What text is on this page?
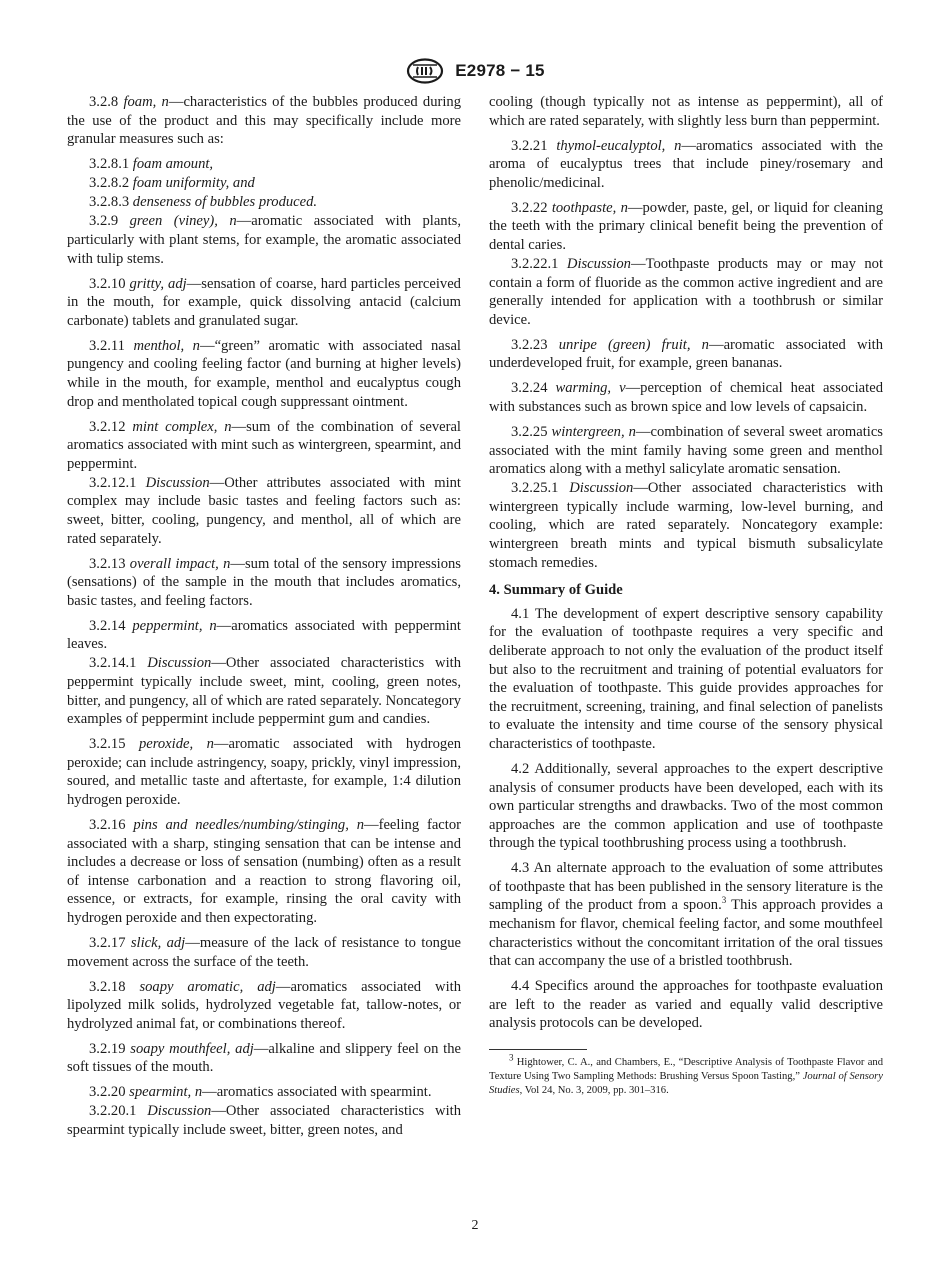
E2978 − 15

3.2.8 foam, n—characteristics of the bubbles produced during the use of the product and this may specifically include more granular measures such as:

3.2.8.1 foam amount,

3.2.8.2 foam uniformity, and

3.2.8.3 denseness of bubbles produced.

3.2.9 green (viney), n—aromatic associated with plants, particularly with plant stems, for example, the aromatic associated with tulip stems.

3.2.10 gritty, adj—sensation of coarse, hard particles perceived in the mouth, for example, quick dissolving antacid (calcium carbonate) tablets and granulated sugar.

3.2.11 menthol, n—“green” aromatic with associated nasal pungency and cooling feeling factor (and burning at higher levels) while in the mouth, for example, menthol and eucalyptus cough drop and mentholated topical cough suppressant ointment.

3.2.12 mint complex, n—sum of the combination of several aromatics associated with mint such as wintergreen, spearmint, and peppermint.

3.2.12.1 Discussion—Other attributes associated with mint complex may include basic tastes and feeling factors such as: sweet, bitter, cooling, pungency, and menthol, all of which are rated separately.

3.2.13 overall impact, n—sum total of the sensory impressions (sensations) of the sample in the mouth that includes aromatics, basic tastes, and feeling factors.

3.2.14 peppermint, n—aromatics associated with peppermint leaves.

3.2.14.1 Discussion—Other associated characteristics with peppermint typically include sweet, mint, cooling, green notes, bitter, and pungency, all of which are rated separately. Noncategory examples of peppermint include peppermint gum and candies.

3.2.15 peroxide, n—aromatic associated with hydrogen peroxide; can include astringency, soapy, prickly, vinyl impression, soured, and metallic taste and aftertaste, for example, 1:4 dilution hydrogen peroxide.

3.2.16 pins and needles/numbing/stinging, n—feeling factor associated with a sharp, stinging sensation that can be intense and includes a decrease or loss of sensation (numbing) often as a result of intense carbonation and a reaction to strong flavoring oil, essence, or extracts, for example, rinsing the oral cavity with hydrogen peroxide and then expectorating.

3.2.17 slick, adj—measure of the lack of resistance to tongue movement across the surface of the teeth.

3.2.18 soapy aromatic, adj—aromatics associated with lipolyzed milk solids, hydrolyzed vegetable fat, tallow-notes, or hydrolyzed animal fat, or combinations thereof.

3.2.19 soapy mouthfeel, adj—alkaline and slippery feel on the soft tissues of the mouth.

3.2.20 spearmint, n—aromatics associated with spearmint.

3.2.20.1 Discussion—Other associated characteristics with spearmint typically include sweet, bitter, green notes, and

cooling (though typically not as intense as peppermint), all of which are rated separately, with slightly less burn than peppermint.

3.2.21 thymol-eucalyptol, n—aromatics associated with the aroma of eucalyptus trees that include piney/rosemary and phenolic/medicinal.

3.2.22 toothpaste, n—powder, paste, gel, or liquid for cleaning the teeth with the primary clinical benefit being the prevention of dental caries.

3.2.22.1 Discussion—Toothpaste products may or may not contain a form of fluoride as the common active ingredient and are generally intended for application with a toothbrush or similar device.

3.2.23 unripe (green) fruit, n—aromatic associated with underdeveloped fruit, for example, green bananas.

3.2.24 warming, v—perception of chemical heat associated with substances such as brown spice and low levels of capsaicin.

3.2.25 wintergreen, n—combination of several sweet aromatics associated with the mint family having some green and menthol aromatics along with a methyl salicylate aromatic sensation.

3.2.25.1 Discussion—Other associated characteristics with wintergreen typically include warming, low-level burning, and cooling, which are rated separately. Noncategory example: wintergreen breath mints and typical bismuth subsalicylate stomach remedies.

4. Summary of Guide

4.1 The development of expert descriptive sensory capability for the evaluation of toothpaste requires a very specific and deliberate approach to not only the evaluation of the product itself but also to the recruitment and training of potential evaluators for the evaluation of toothpaste. This guide provides approaches for the recruitment, screening, training, and final selection of panelists to evaluate the intensity and time course of the sensory physical characteristics of toothpaste.

4.2 Additionally, several approaches to the expert descriptive analysis of consumer products have been developed, each with its own particular strengths and drawbacks. Two of the most common approaches are the common application and use of toothpaste through the typical toothbrushing process using a toothbrush.

4.3 An alternate approach to the evaluation of some attributes of toothpaste that has been published in the sensory literature is the sampling of the product from a spoon.$^3$ This approach provides a mechanism for flavor, chemical feeling factor, and some mouthfeel characteristics without the concomitant irritation of the oral tissues that can accompany the use of a bristled toothbrush.

4.4 Specifics around the approaches for toothpaste evaluation are left to the reader as varied and equally valid descriptive analysis protocols can be developed.

$^3$ Hightower, C. A., and Chambers, E., “Descriptive Analysis of Toothpaste Flavor and Texture Using Two Sampling Methods: Brushing Versus Spoon Tasting,” Journal of Sensory Studies, Vol 24, No. 3, 2009, pp. 301–316.
2
